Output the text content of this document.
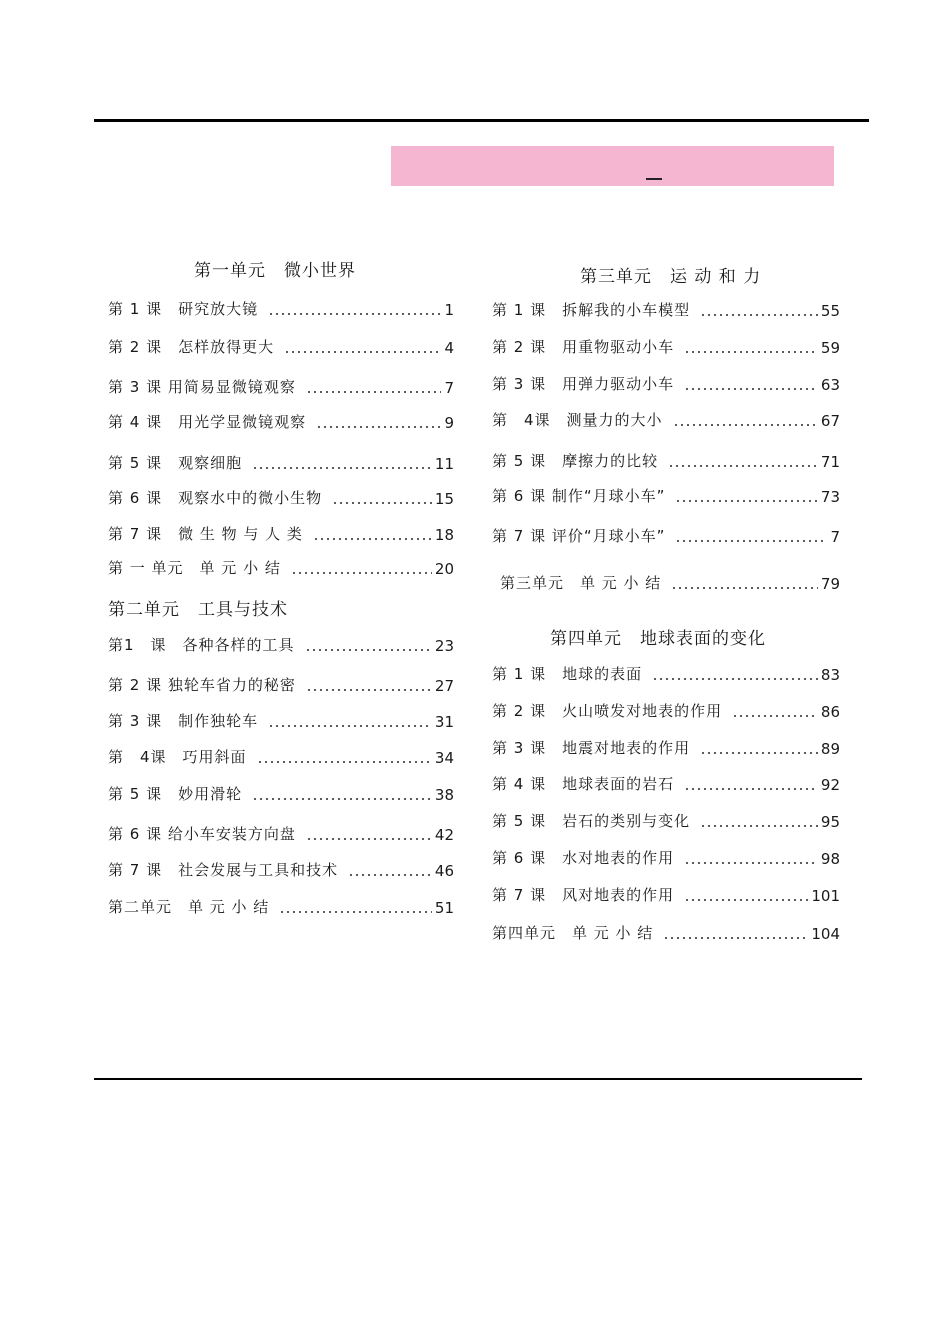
第一单元　微小世界
第 1 课　研究放大镜	1
第 2 课　怎样放得更大	4
第 3 课 用简易显微镜观察	7
第 4 课　用光学显微镜观察	9
第 5 课　观察细胞	11
第 6 课　观察水中的微小生物	15
第 7 课　微 生 物 与 人 类	18
第 一 单元　单 元 小 结	20
第二单元　工具与技术
第1　课　各种各样的工具	23
第 2 课 独轮车省力的秘密	27
第 3 课　制作独轮车	31
第　4课　巧用斜面	34
第 5 课　妙用滑轮	38
第 6 课 给小车安装方向盘	42
第 7 课　社会发展与工具和技术	46
第二单元　单 元 小 结	51
第三单元　运 动 和 力
第 1 课　拆解我的小车模型	55
第 2 课　用重物驱动小车	59
第 3 课　用弹力驱动小车	63
第　4课　测量力的大小	67
第 5 课　摩擦力的比较	71
第 6 课 制作“月球小车”	73
第 7 课 评价“月球小车”	7
第三单元　单 元 小 结	79
第四单元　地球表面的变化
第 1 课　地球的表面	83
第 2 课　火山喷发对地表的作用	86
第 3 课　地震对地表的作用	89
第 4 课　地球表面的岩石	92
第 5 课　岩石的类别与变化	95
第 6 课　水对地表的作用	98
第 7 课　风对地表的作用	101
第四单元　单 元 小 结	104
